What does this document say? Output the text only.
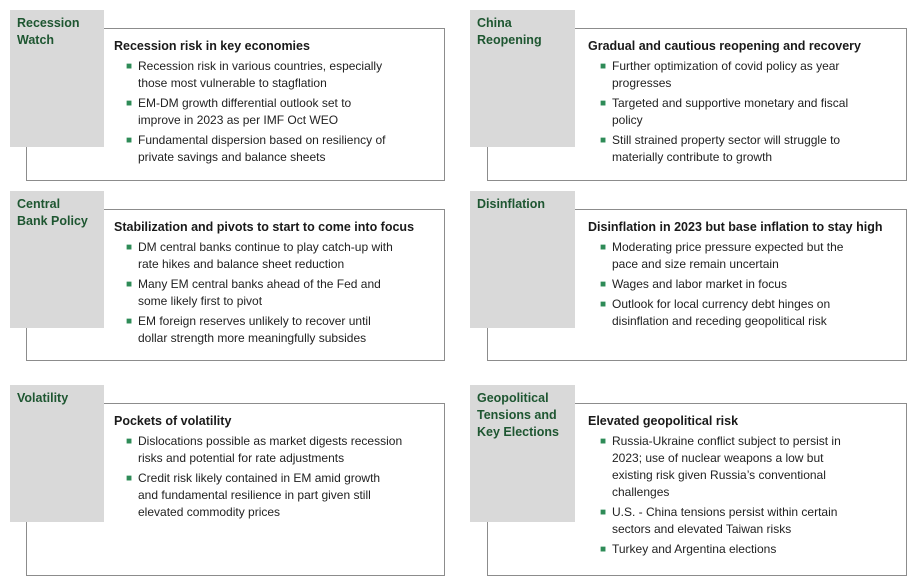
Recession
Watch	Recession risk in key economies
■ Recession risk in various countries, especially
those most vulnerable to stagflation
■ EM-DM growth differential outlook set to
improve in 2023 as per IMF Oct WEO
■ Fundamental dispersion based on resiliency of
private savings and balance sheets
China
Reopening	Gradual and cautious reopening and recovery
■ Further optimization of covid policy as year
progresses
■ Targeted and supportive monetary and fiscal
policy
■ Still strained property sector will struggle to
materially contribute to growth
Central
Bank Policy	Stabilization and pivots to start to come into focus
■ DM central banks continue to play catch-up with
rate hikes and balance sheet reduction
■ Many EM central banks ahead of the Fed and
some likely first to pivot
■ EM foreign reserves unlikely to recover until
dollar strength more meaningfully subsides
Disinflation
Disinflation in 2023 but base inflation to stay high
■ Moderating price pressure expected but the
pace and size remain uncertain
■ Wages and labor market in focus
■ Outlook for local currency debt hinges on
disinflation and receding geopolitical risk
Volatility
Pockets of volatility
■ Dislocations possible as market digests recession
risks and potential for rate adjustments
■ Credit risk likely contained in EM amid growth
and fundamental resilience in part given still
elevated commodity prices
Geopolitical
Tensions and
Key Elections
Elevated geopolitical risk
■ Russia-Ukraine conflict subject to persist in
2023; use of nuclear weapons a low but
existing risk given Russia’s conventional
challenges
■ U.S. - China tensions persist within certain
sectors and elevated Taiwan risks
■ Turkey and Argentina elections
